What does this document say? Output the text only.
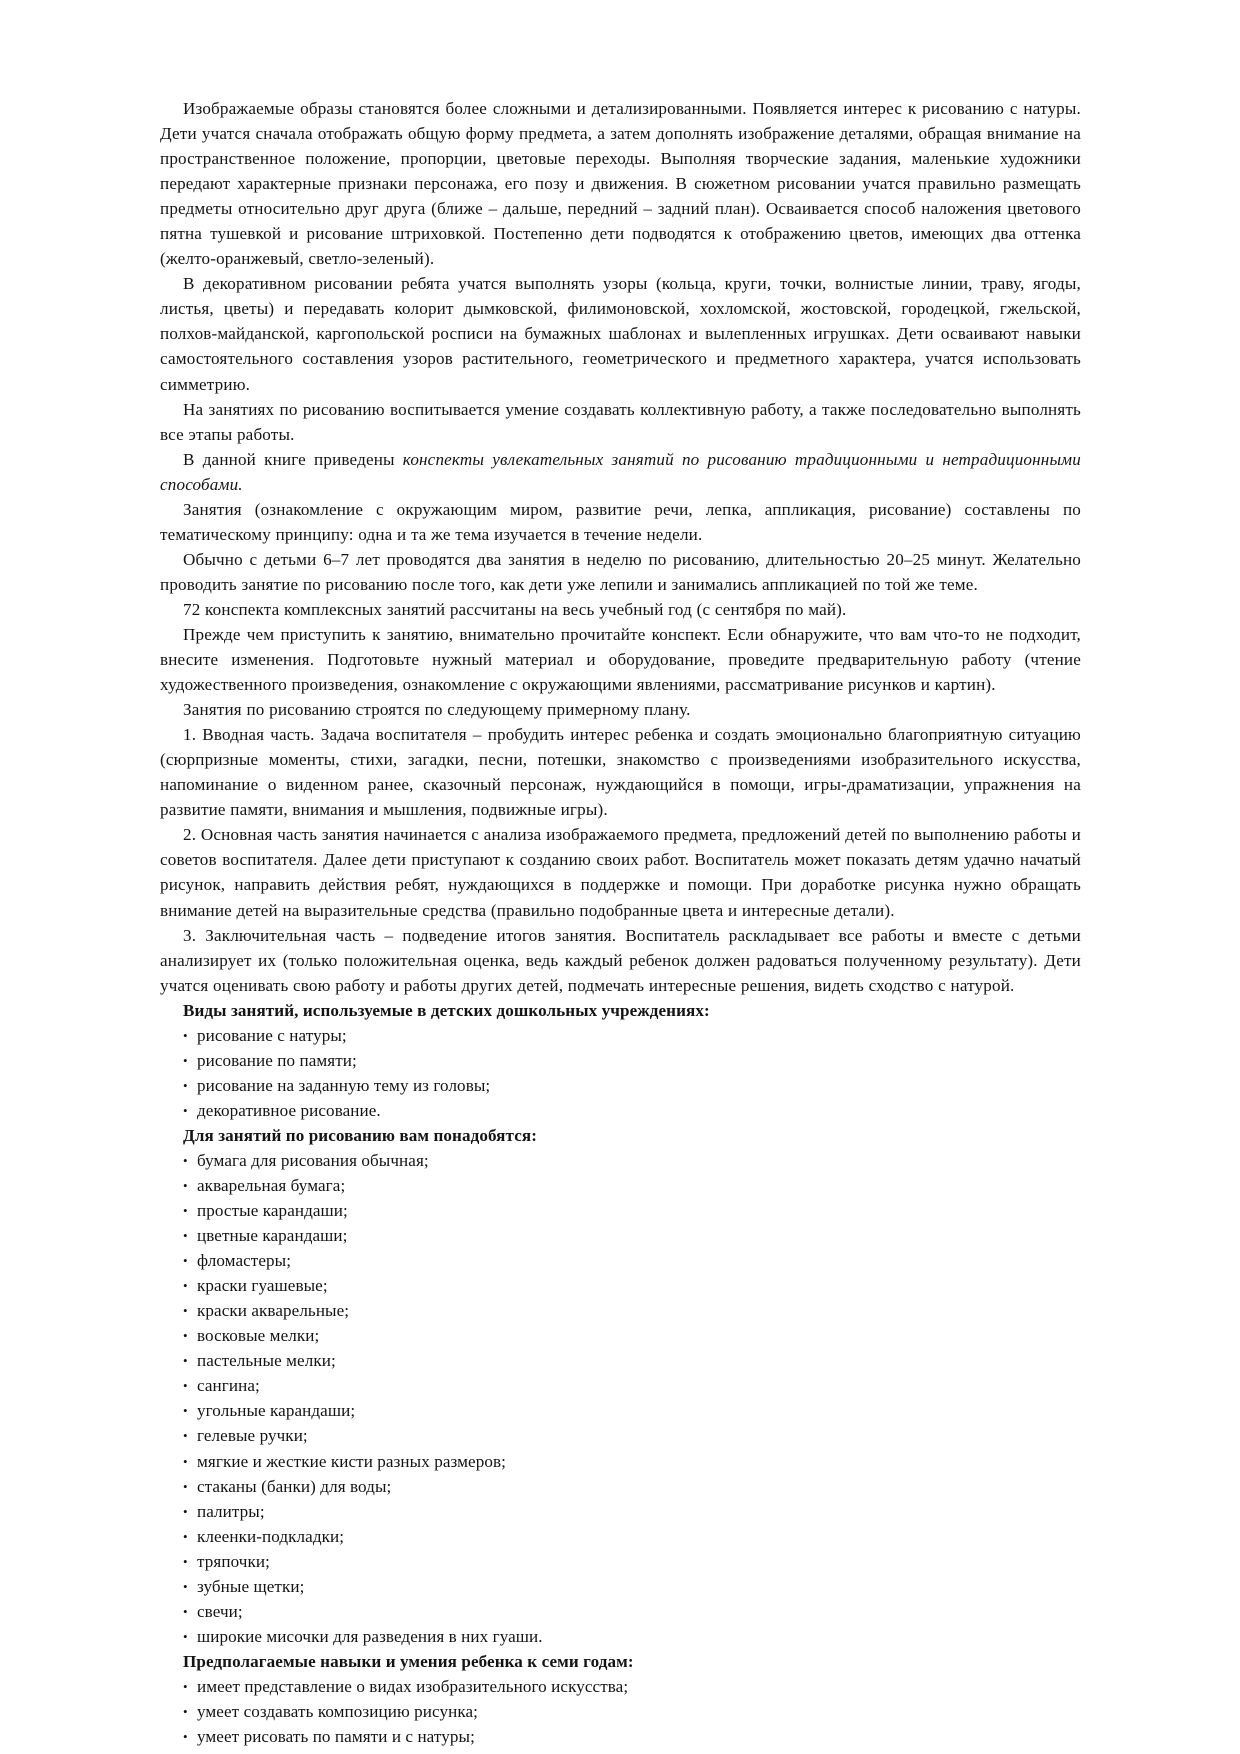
Изображаемые образы становятся более сложными и детализированными. Появляется интерес к рисованию с натуры. Дети учатся сначала отображать общую форму предмета, а затем дополнять изображение деталями, обращая внимание на пространственное положение, пропорции, цветовые переходы. Выполняя творческие задания, маленькие художники передают характерные признаки персонажа, его позу и движения. В сюжетном рисовании учатся правильно размещать предметы относительно друг друга (ближе – дальше, передний – задний план). Осваивается способ наложения цветового пятна тушевкой и рисование штриховкой. Постепенно дети подводятся к отображению цветов, имеющих два оттенка (желто-оранжевый, светло-зеленый).

В декоративном рисовании ребята учатся выполнять узоры (кольца, круги, точки, волнистые линии, траву, ягоды, листья, цветы) и передавать колорит дымковской, филимоновской, хохломской, жостовской, городецкой, гжельской, полхов-майданской, каргопольской росписи на бумажных шаблонах и вылепленных игрушках. Дети осваивают навыки самостоятельного составления узоров растительного, геометрического и предметного характера, учатся использовать симметрию.

На занятиях по рисованию воспитывается умение создавать коллективную работу, а также последовательно выполнять все этапы работы.

В данной книге приведены конспекты увлекательных занятий по рисованию традиционными и нетрадиционными способами.

Занятия (ознакомление с окружающим миром, развитие речи, лепка, аппликация, рисование) составлены по тематическому принципу: одна и та же тема изучается в течение недели.

Обычно с детьми 6–7 лет проводятся два занятия в неделю по рисованию, длительностью 20–25 минут. Желательно проводить занятие по рисованию после того, как дети уже лепили и занимались аппликацией по той же теме.

72 конспекта комплексных занятий рассчитаны на весь учебный год (с сентября по май).

Прежде чем приступить к занятию, внимательно прочитайте конспект. Если обнаружите, что вам что-то не подходит, внесите изменения. Подготовьте нужный материал и оборудование, проведите предварительную работу (чтение художественного произведения, ознакомление с окружающими явлениями, рассматривание рисунков и картин).

Занятия по рисованию строятся по следующему примерному плану.

1. Вводная часть. Задача воспитателя – пробудить интерес ребенка и создать эмоционально благоприятную ситуацию (сюрпризные моменты, стихи, загадки, песни, потешки, знакомство с произведениями изобразительного искусства, напоминание о виденном ранее, сказочный персонаж, нуждающийся в помощи, игры-драматизации, упражнения на развитие памяти, внимания и мышления, подвижные игры).

2. Основная часть занятия начинается с анализа изображаемого предмета, предложений детей по выполнению работы и советов воспитателя. Далее дети приступают к созданию своих работ. Воспитатель может показать детям удачно начатый рисунок, направить действия ребят, нуждающихся в поддержке и помощи. При доработке рисунка нужно обращать внимание детей на выразительные средства (правильно подобранные цвета и интересные детали).

3. Заключительная часть – подведение итогов занятия. Воспитатель раскладывает все работы и вместе с детьми анализирует их (только положительная оценка, ведь каждый ребенок должен радоваться полученному результату). Дети учатся оценивать свою работу и работы других детей, подмечать интересные решения, видеть сходство с натурой.

Виды занятий, используемые в детских дошкольных учреждениях:
• рисование с натуры;
• рисование по памяти;
• рисование на заданную тему из головы;
• декоративное рисование.
Для занятий по рисованию вам понадобятся:
• бумага для рисования обычная;
• акварельная бумага;
• простые карандаши;
• цветные карандаши;
• фломастеры;
• краски гуашевые;
• краски акварельные;
• восковые мелки;
• пастельные мелки;
• сангина;
• угольные карандаши;
• гелевые ручки;
• мягкие и жесткие кисти разных размеров;
• стаканы (банки) для воды;
• палитры;
• клеенки-подкладки;
• тряпочки;
• зубные щетки;
• свечи;
• широкие мисочки для разведения в них гуаши.
Предполагаемые навыки и умения ребенка к семи годам:
• имеет представление о видах изобразительного искусства;
• умеет создавать композицию рисунка;
• умеет рисовать по памяти и с натуры;
